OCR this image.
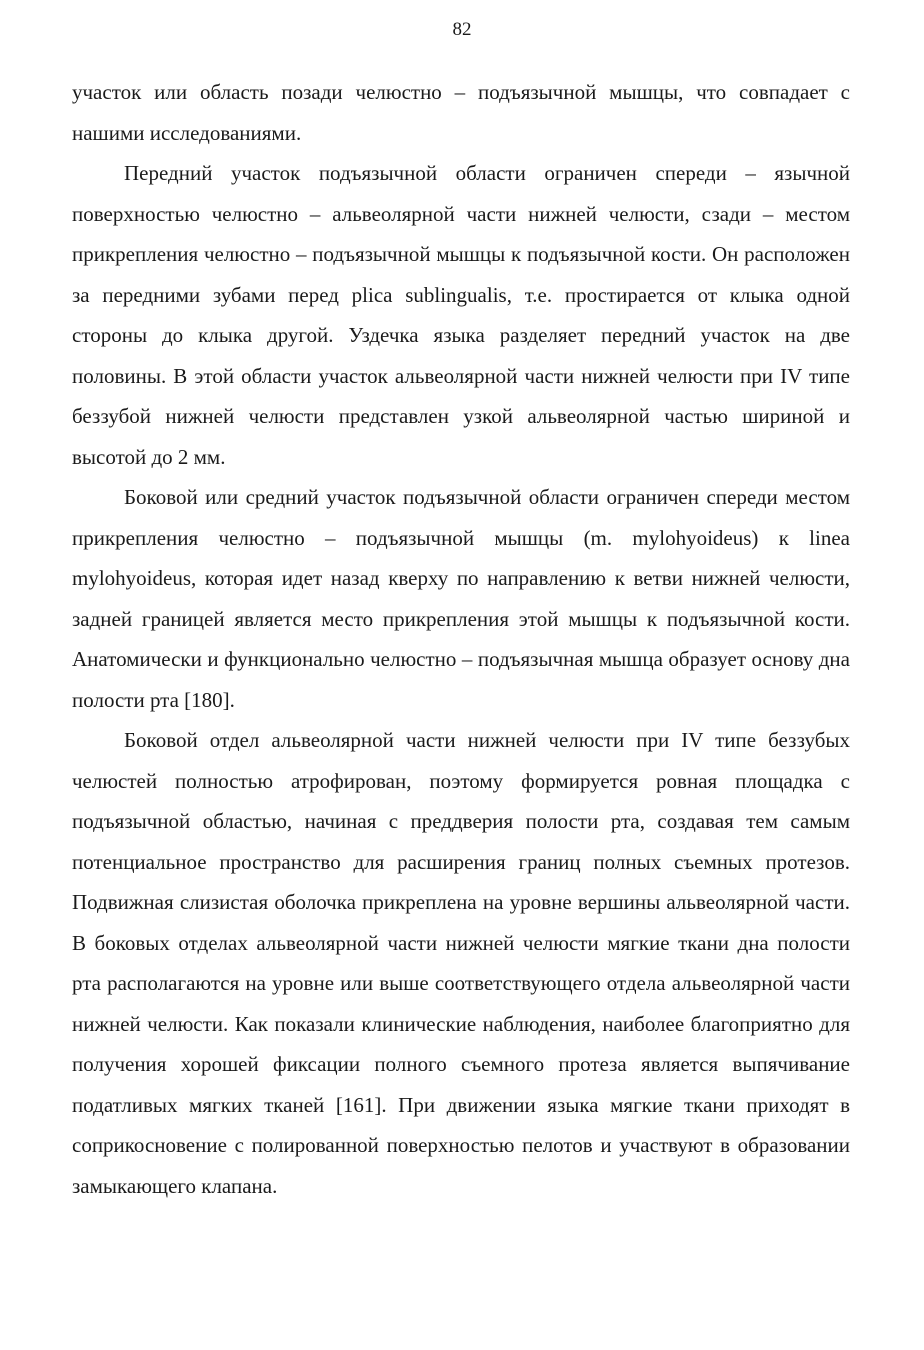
82

участок или область позади челюстно – подъязычной мышцы, что совпадает с нашими исследованиями.

Передний участок подъязычной области ограничен спереди – язычной поверхностью челюстно – альвеолярной части нижней челюсти, сзади – местом прикрепления челюстно – подъязычной мышцы к подъязычной кости. Он расположен за передними зубами перед plica sublingualis, т.е. простирается от клыка одной стороны до клыка другой. Уздечка языка разделяет передний участок на две половины. В этой области участок альвеолярной части нижней челюсти при IV типе беззубой нижней челюсти представлен узкой альвеолярной частью шириной и высотой до 2 мм.

Боковой или средний участок подъязычной области ограничен спереди местом прикрепления челюстно – подъязычной мышцы (m. mylohyoideus) к linea mylohyoideus, которая идет назад кверху по направлению к ветви нижней челюсти, задней границей является место прикрепления этой мышцы к подъязычной кости. Анатомически и функционально челюстно – подъязычная мышца образует основу дна полости рта [180].

Боковой отдел альвеолярной части нижней челюсти при IV типе беззубых челюстей полностью атрофирован, поэтому формируется ровная площадка с подъязычной областью, начиная с преддверия полости рта, создавая тем самым потенциальное пространство для расширения границ полных съемных протезов. Подвижная слизистая оболочка прикреплена на уровне вершины альвеолярной части. В боковых отделах альвеолярной части нижней челюсти мягкие ткани дна полости рта располагаются на уровне или выше соответствующего отдела альвеолярной части нижней челюсти. Как показали клинические наблюдения, наиболее благоприятно для получения хорошей фиксации полного съемного протеза является выпячивание податливых мягких тканей [161]. При движении языка мягкие ткани приходят в соприкосновение с полированной поверхностью пелотов и участвуют в образовании замыкающего клапана.
